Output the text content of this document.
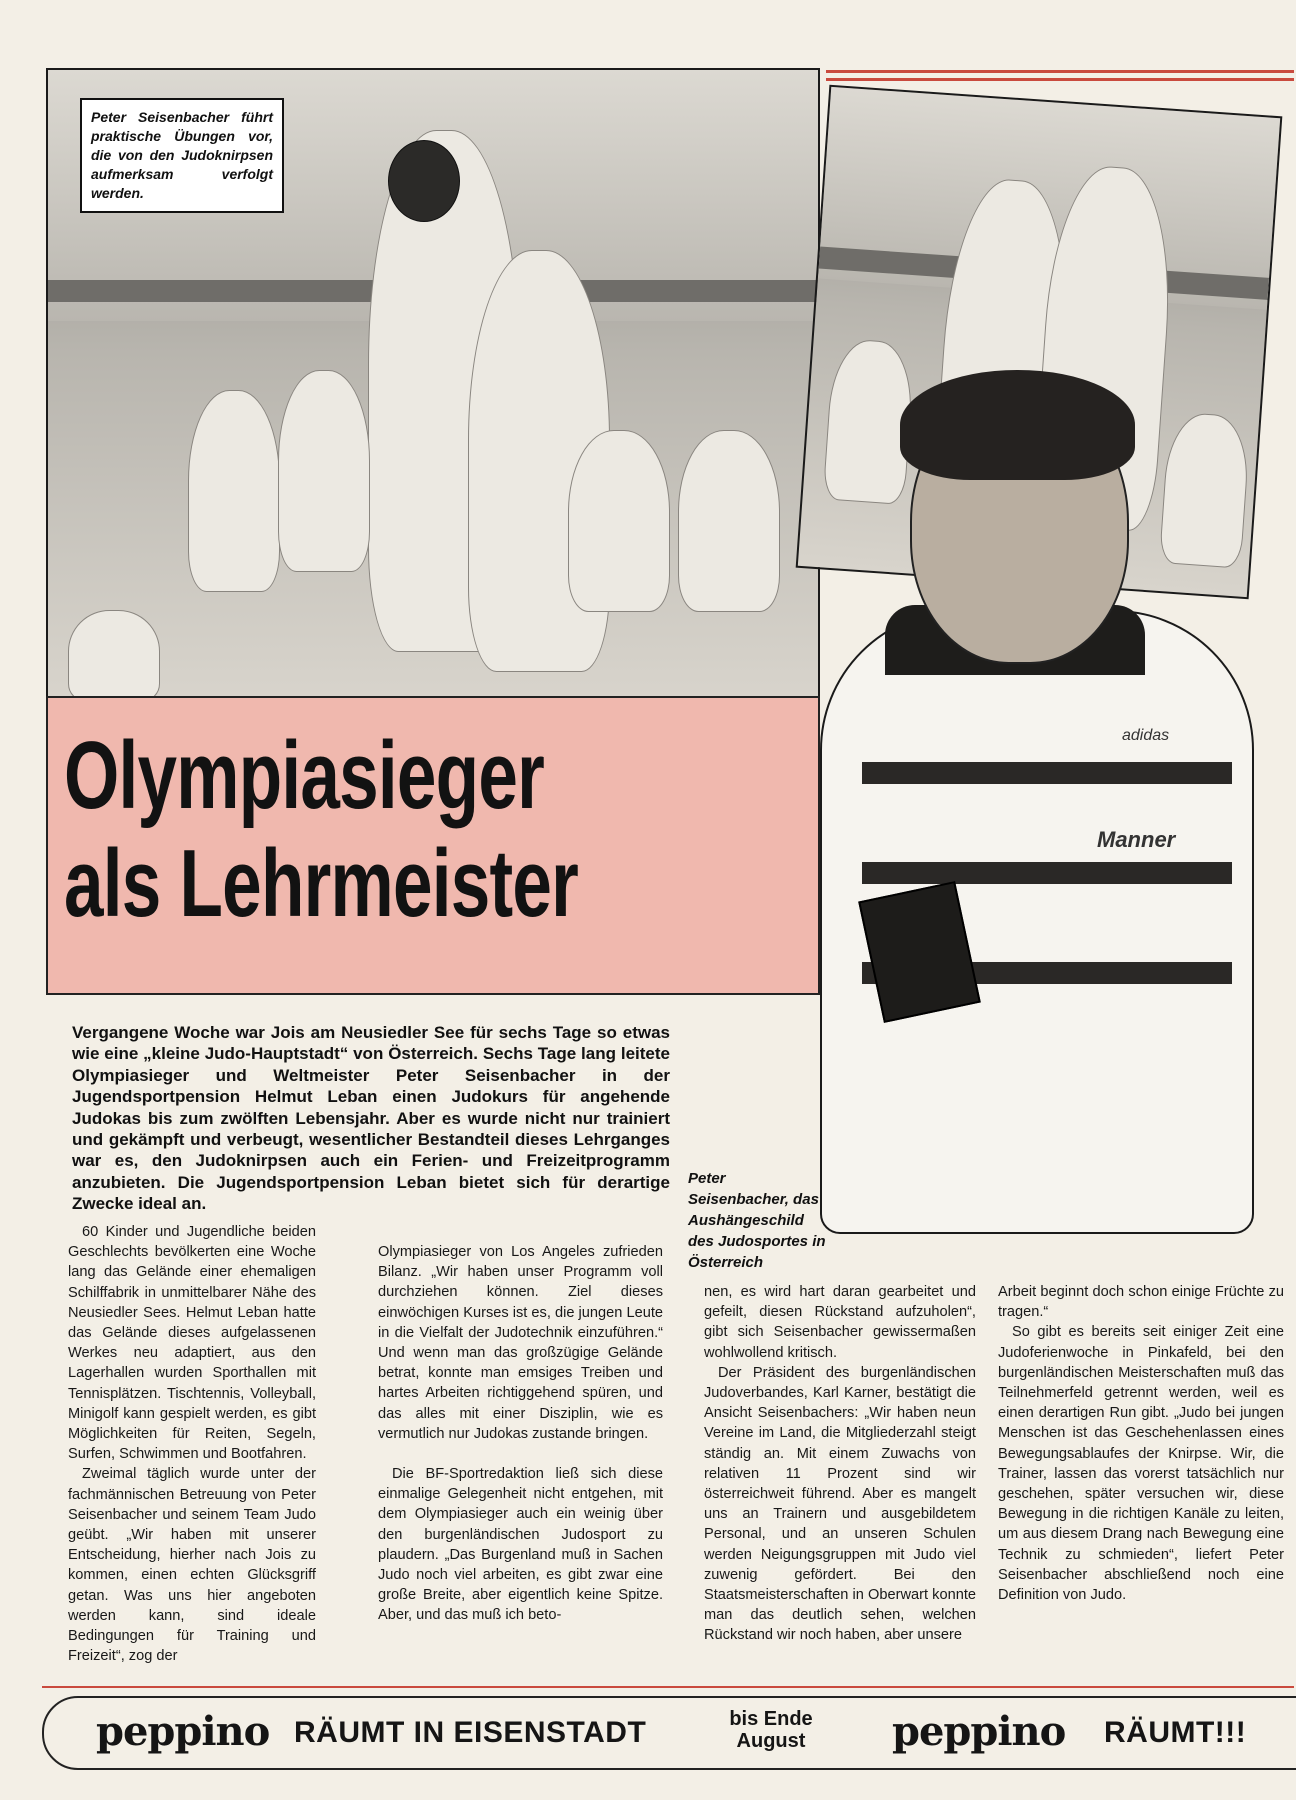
Peter Seisenbacher führt praktische Übungen vor, die von den Judoknirpsen aufmerksam verfolgt werden.
Olympiasieger
als Lehrmeister
adidas
Manner
Peter Seisenbacher, das Aushängeschild des Judosportes in Österreich
Vergangene Woche war Jois am Neusiedler See für sechs Tage so etwas wie eine „kleine Judo-Hauptstadt“ von Österreich. Sechs Tage lang leitete Olympiasieger und Weltmeister Peter Seisenbacher in der Jugendsportpension Helmut Leban einen Judokurs für angehende Judokas bis zum zwölften Lebensjahr. Aber es wurde nicht nur trainiert und gekämpft und verbeugt, wesentlicher Bestandteil dieses Lehrganges war es, den Judoknirpsen auch ein Ferien- und Freizeitprogramm anzubieten. Die Jugendsportpension Leban bietet sich für derartige Zwecke ideal an.

60 Kinder und Jugendliche beiden Geschlechts bevölkerten eine Woche lang das Gelände einer ehemaligen Schilffabrik in unmittelbarer Nähe des Neusiedler Sees. Helmut Leban hatte das Gelände dieses aufgelassenen Werkes neu adaptiert, aus den Lagerhallen wurden Sporthallen mit Tennisplätzen. Tischtennis, Volleyball, Minigolf kann gespielt werden, es gibt Möglichkeiten für Reiten, Segeln, Surfen, Schwimmen und Bootfahren.

Zweimal täglich wurde unter der fachmännischen Betreuung von Peter Seisenbacher und seinem Team Judo geübt. „Wir haben mit unserer Entscheidung, hierher nach Jois zu kommen, einen echten Glücksgriff getan. Was uns hier angeboten werden kann, sind ideale Bedingungen für Training und Freizeit“, zog der

Olympiasieger von Los Angeles zufrieden Bilanz. „Wir haben unser Programm voll durchziehen können. Ziel dieses einwöchigen Kurses ist es, die jungen Leute in die Vielfalt der Judotechnik einzuführen.“ Und wenn man das großzügige Gelände betrat, konnte man emsiges Treiben und hartes Arbeiten richtiggehend spüren, und das alles mit einer Disziplin, wie es vermutlich nur Judokas zustande bringen.

Die BF-Sportredaktion ließ sich diese einmalige Gelegenheit nicht entgehen, mit dem Olympiasieger auch ein weinig über den burgenländischen Judosport zu plaudern. „Das Burgenland muß in Sachen Judo noch viel arbeiten, es gibt zwar eine große Breite, aber eigentlich keine Spitze. Aber, und das muß ich beto-

nen, es wird hart daran gearbeitet und gefeilt, diesen Rückstand aufzuholen“, gibt sich Seisenbacher gewissermaßen wohlwollend kritisch.

Der Präsident des burgenländischen Judoverbandes, Karl Karner, bestätigt die Ansicht Seisenbachers: „Wir haben neun Vereine im Land, die Mitgliederzahl steigt ständig an. Mit einem Zuwachs von relativen 11 Prozent sind wir österreichweit führend. Aber es mangelt uns an Trainern und ausgebildetem Personal, und an unseren Schulen werden Neigungsgruppen mit Judo viel zuwenig gefördert. Bei den Staatsmeisterschaften in Oberwart konnte man das deutlich sehen, welchen Rückstand wir noch haben, aber unsere

Arbeit beginnt doch schon einige Früchte zu tragen.“

So gibt es bereits seit einiger Zeit eine Judoferienwoche in Pinkafeld, bei den burgenländischen Meisterschaften muß das Teilnehmerfeld getrennt werden, weil es einen derartigen Run gibt. „Judo bei jungen Menschen ist das Geschehenlassen eines Bewegungsablaufes der Knirpse. Wir, die Trainer, lassen das vorerst tatsächlich nur geschehen, später versuchen wir, diese Bewegung in die richtigen Kanäle zu leiten, um aus diesem Drang nach Bewegung eine Technik zu schmieden“, liefert Peter Seisenbacher abschließend noch eine Definition von Judo.

peppino RÄUMT IN EISENSTADT	bis Ende
August	peppino RÄUMT!!!
